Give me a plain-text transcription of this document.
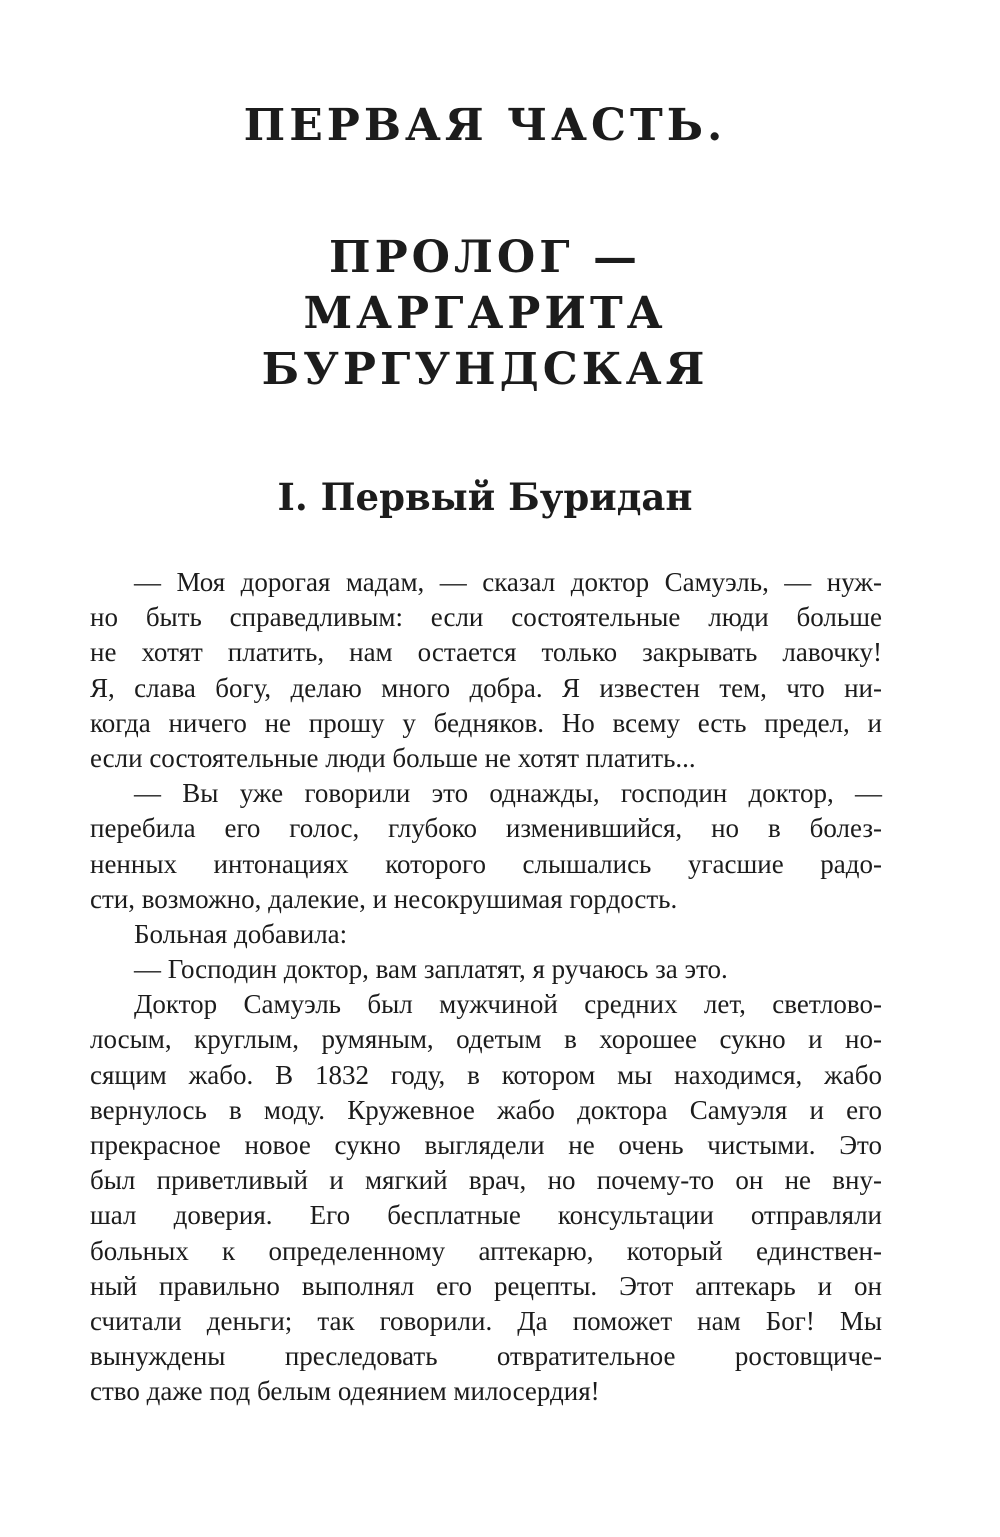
ПЕРВАЯ ЧАСТЬ.
ПРОЛОГ —
МАРГАРИТА
БУРГУНДСКАЯ
I. Первый Буридан
— Моя дорогая мадам, — сказал доктор Самуэль, — нуж-
но быть справедливым: если состоятельные люди больше
не хотят платить, нам остается только закрывать лавочку!
Я, слава богу, делаю много добра. Я известен тем, что ни-
когда ничего не прошу у бедняков. Но всему есть предел, и
если состоятельные люди больше не хотят платить...
— Вы уже говорили это однажды, господин доктор, —
перебила его голос, глубоко изменившийся, но в болез-
ненных интонациях которого слышались угасшие радо-
сти, возможно, далекие, и несокрушимая гордость.
Больная добавила:
— Господин доктор, вам заплатят, я ручаюсь за это.
Доктор Самуэль был мужчиной средних лет, светлово-
лосым, круглым, румяным, одетым в хорошее сукно и но-
сящим жабо. В 1832 году, в котором мы находимся, жабо
вернулось в моду. Кружевное жабо доктора Самуэля и его
прекрасное новое сукно выглядели не очень чистыми. Это
был приветливый и мягкий врач, но почему-то он не вну-
шал доверия. Его бесплатные консультации отправляли
больных к определенному аптекарю, который единствен-
ный правильно выполнял его рецепты. Этот аптекарь и он
считали деньги; так говорили. Да поможет нам Бог! Мы
вынуждены преследовать отвратительное ростовщиче-
ство даже под белым одеянием милосердия!
